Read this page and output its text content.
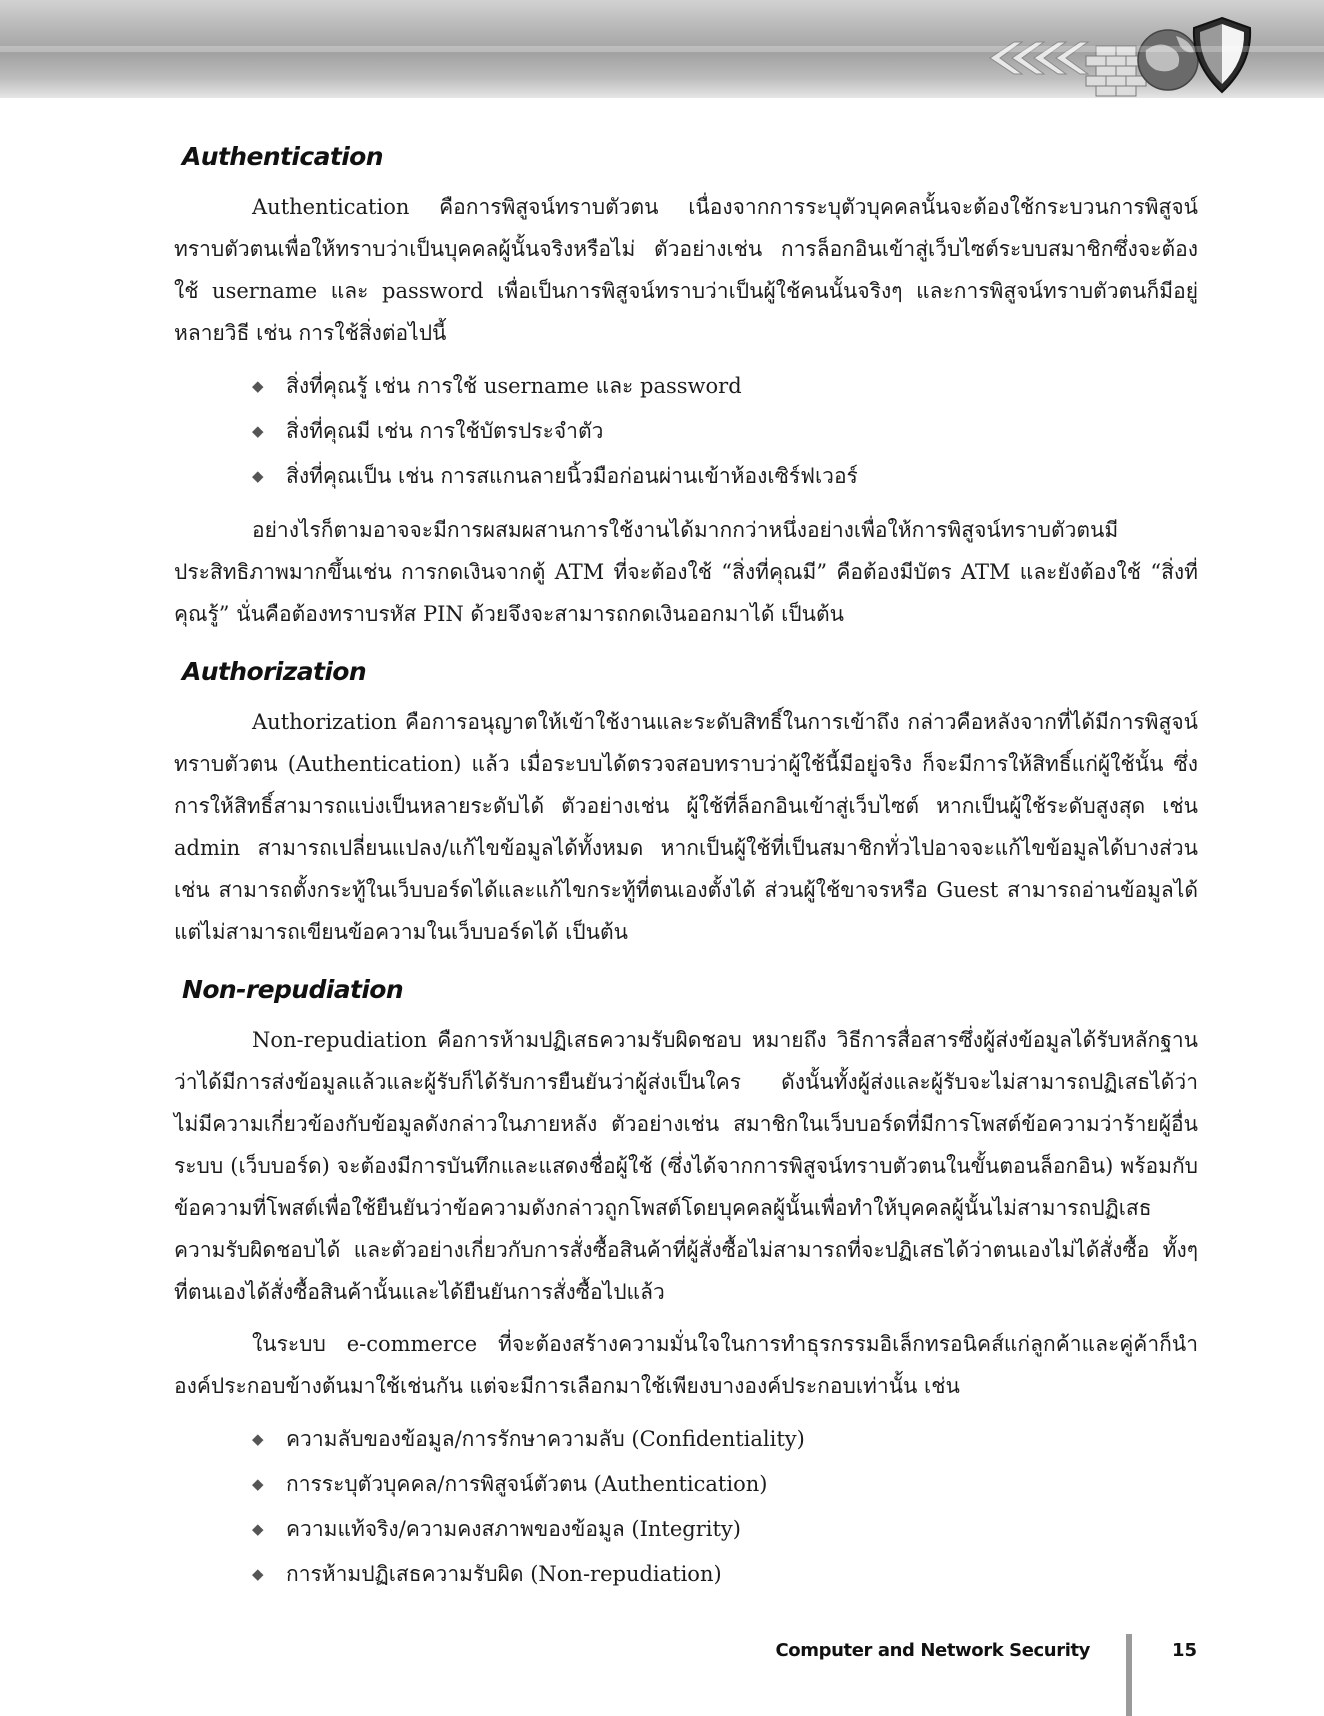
Authentication

Authentication คือการพิสูจน์ทราบตัวตน เนื่องจากการระบุตัวบุคคลนั้นจะต้องใช้กระบวนการพิสูจน์ทราบตัวตนเพื่อให้ทราบว่าเป็นบุคคลผู้นั้นจริงหรือไม่ ตัวอย่างเช่น การล็อกอินเข้าสู่เว็บไซต์ระบบสมาชิกซึ่งจะต้องใช้ username และ password เพื่อเป็นการพิสูจน์ทราบว่าเป็นผู้ใช้คนนั้นจริงๆ และการพิสูจน์ทราบตัวตนก็มีอยู่หลายวิธี เช่น การใช้สิ่งต่อไปนี้

◆ สิ่งที่คุณรู้ เช่น การใช้ username และ password
◆ สิ่งที่คุณมี เช่น การใช้บัตรประจำตัว
◆ สิ่งที่คุณเป็น เช่น การสแกนลายนิ้วมือก่อนผ่านเข้าห้องเซิร์ฟเวอร์

อย่างไรก็ตามอาจจะมีการผสมผสานการใช้งานได้มากกว่าหนึ่งอย่างเพื่อให้การพิสูจน์ทราบตัวตนมีประสิทธิภาพมากขึ้นเช่น การกดเงินจากตู้ ATM ที่จะต้องใช้ “สิ่งที่คุณมี” คือต้องมีบัตร ATM และยังต้องใช้ “สิ่งที่คุณรู้” นั่นคือต้องทราบรหัส PIN ด้วยจึงจะสามารถกดเงินออกมาได้ เป็นต้น

Authorization

Authorization คือการอนุญาตให้เข้าใช้งานและระดับสิทธิ์ในการเข้าถึง กล่าวคือหลังจากที่ได้มีการพิสูจน์ทราบตัวตน (Authentication) แล้ว เมื่อระบบได้ตรวจสอบทราบว่าผู้ใช้นี้มีอยู่จริง ก็จะมีการให้สิทธิ์แก่ผู้ใช้นั้น ซึ่งการให้สิทธิ์สามารถแบ่งเป็นหลายระดับได้ ตัวอย่างเช่น ผู้ใช้ที่ล็อกอินเข้าสู่เว็บไซต์ หากเป็นผู้ใช้ระดับสูงสุด เช่น admin สามารถเปลี่ยนแปลง/แก้ไขข้อมูลได้ทั้งหมด หากเป็นผู้ใช้ที่เป็นสมาชิกทั่วไปอาจจะแก้ไขข้อมูลได้บางส่วน เช่น สามารถตั้งกระทู้ในเว็บบอร์ดได้และแก้ไขกระทู้ที่ตนเองตั้งได้ ส่วนผู้ใช้ขาจรหรือ Guest สามารถอ่านข้อมูลได้แต่ไม่สามารถเขียนข้อความในเว็บบอร์ดได้ เป็นต้น

Non-repudiation

Non-repudiation คือการห้ามปฏิเสธความรับผิดชอบ หมายถึง วิธีการสื่อสารซึ่งผู้ส่งข้อมูลได้รับหลักฐานว่าได้มีการส่งข้อมูลแล้วและผู้รับก็ได้รับการยืนยันว่าผู้ส่งเป็นใคร ดังนั้นทั้งผู้ส่งและผู้รับจะไม่สามารถปฏิเสธได้ว่าไม่มีความเกี่ยวข้องกับข้อมูลดังกล่าวในภายหลัง ตัวอย่างเช่น สมาชิกในเว็บบอร์ดที่มีการโพสต์ข้อความว่าร้ายผู้อื่น ระบบ (เว็บบอร์ด) จะต้องมีการบันทึกและแสดงชื่อผู้ใช้ (ซึ่งได้จากการพิสูจน์ทราบตัวตนในขั้นตอนล็อกอิน) พร้อมกับข้อความที่โพสต์เพื่อใช้ยืนยันว่าข้อความดังกล่าวถูกโพสต์โดยบุคคลผู้นั้นเพื่อทำให้บุคคลผู้นั้นไม่สามารถปฏิเสธความรับผิดชอบได้ และตัวอย่างเกี่ยวกับการสั่งซื้อสินค้าที่ผู้สั่งซื้อไม่สามารถที่จะปฏิเสธได้ว่าตนเองไม่ได้สั่งซื้อ ทั้งๆที่ตนเองได้สั่งซื้อสินค้านั้นและได้ยืนยันการสั่งซื้อไปแล้ว

ในระบบ e-commerce ที่จะต้องสร้างความมั่นใจในการทำธุรกรรมอิเล็กทรอนิคส์แก่ลูกค้าและคู่ค้าก็นำองค์ประกอบข้างต้นมาใช้เช่นกัน แต่จะมีการเลือกมาใช้เพียงบางองค์ประกอบเท่านั้น เช่น

◆ ความลับของข้อมูล/การรักษาความลับ (Confidentiality)
◆ การระบุตัวบุคคล/การพิสูจน์ตัวตน (Authentication)
◆ ความแท้จริง/ความคงสภาพของข้อมูล (Integrity)
◆ การห้ามปฏิเสธความรับผิด (Non-repudiation)
Computer and Network Security	15
